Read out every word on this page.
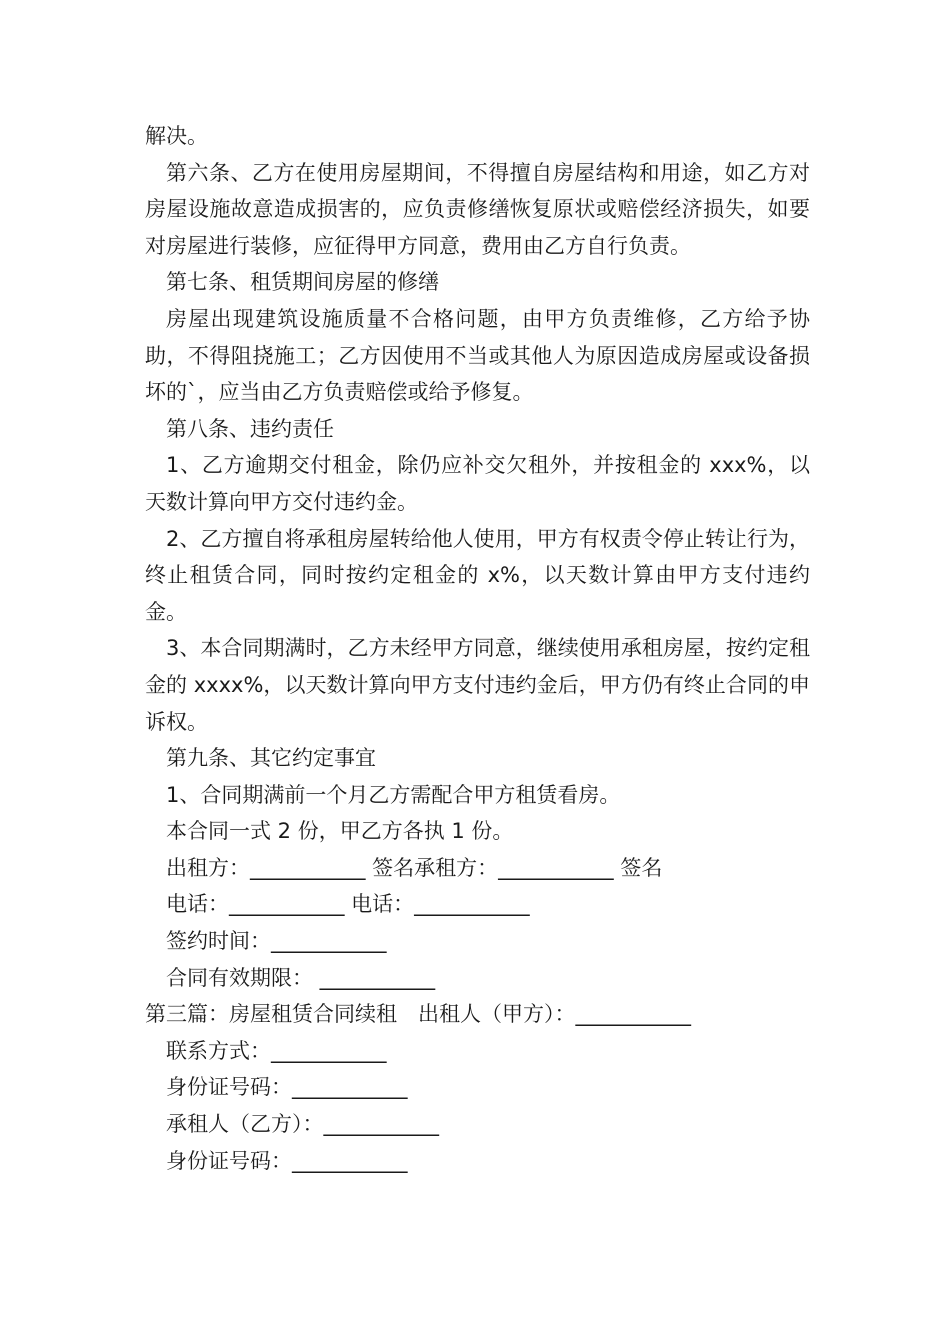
解决。

第六条、乙方在使用房屋期间，不得擅自房屋结构和用途，如乙方对房屋设施故意造成损害的，应负责修缮恢复原状或赔偿经济损失，如要对房屋进行装修，应征得甲方同意，费用由乙方自行负责。

第七条、租赁期间房屋的修缮

房屋出现建筑设施质量不合格问题，由甲方负责维修，乙方给予协助，不得阻挠施工；乙方因使用不当或其他人为原因造成房屋或设备损坏的`，应当由乙方负责赔偿或给予修复。

第八条、违约责任

1、乙方逾期交付租金，除仍应补交欠租外，并按租金的 xxx%，以天数计算向甲方交付违约金。

2、乙方擅自将承租房屋转给他人使用，甲方有权责令停止转让行为，终止租赁合同，同时按约定租金的 x%，以天数计算由甲方支付违约金。

3、本合同期满时，乙方未经甲方同意，继续使用承租房屋，按约定租金的 xxxx%，以天数计算向甲方支付违约金后，甲方仍有终止合同的申诉权。

第九条、其它约定事宜

1、合同期满前一个月乙方需配合甲方租赁看房。

本合同一式 2 份，甲乙方各执 1 份。

出租方：___________ 签名承租方：___________ 签名

电话：___________ 电话：___________

签约时间：___________

合同有效期限： ___________

第三篇：房屋租赁合同续租　出租人（甲方）：___________

联系方式：___________

身份证号码：___________

承租人（乙方）：___________

身份证号码：___________
